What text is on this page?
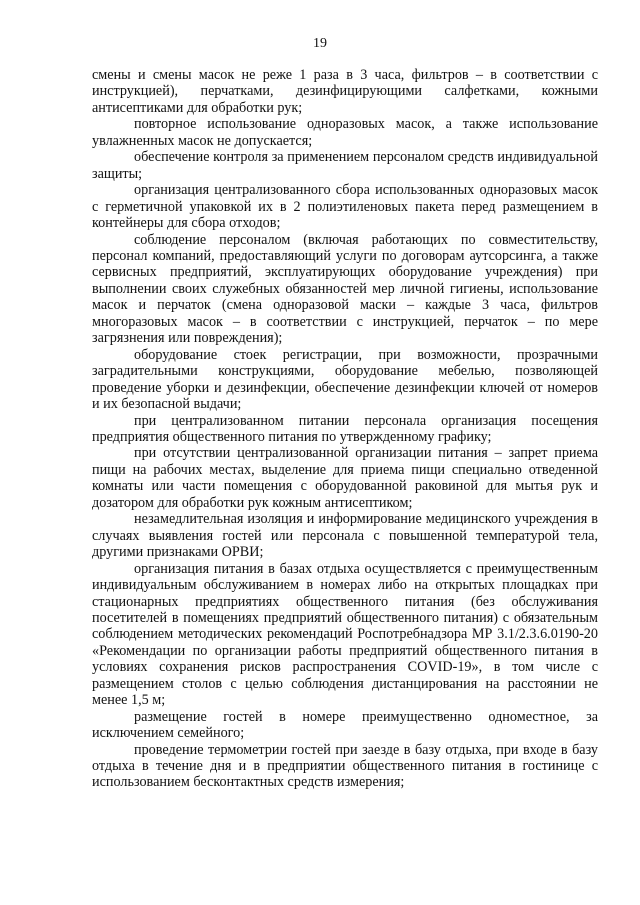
19

смены и смены масок не реже 1 раза в 3 часа, фильтров – в соответствии с инструкцией), перчатками, дезинфицирующими салфетками, кожными антисептиками для обработки рук;

повторное использование одноразовых масок, а также использование увлажненных масок не допускается;

обеспечение контроля за применением персоналом средств индивидуальной защиты;

организация централизованного сбора использованных одноразовых масок с герметичной упаковкой их в 2 полиэтиленовых пакета перед размещением в контейнеры для сбора отходов;

соблюдение персоналом (включая работающих по совместительству, персонал компаний, предоставляющий услуги по договорам аутсорсинга, а также сервисных предприятий, эксплуатирующих оборудование учреждения) при выполнении своих служебных обязанностей мер личной гигиены, использование масок и перчаток (смена одноразовой маски – каждые 3 часа, фильтров многоразовых масок – в соответствии с инструкцией, перчаток – по мере загрязнения или повреждения);

оборудование стоек регистрации, при возможности, прозрачными заградительными конструкциями, оборудование мебелью, позволяющей проведение уборки и дезинфекции, обеспечение дезинфекции ключей от номеров и их безопасной выдачи;

при централизованном питании персонала организация посещения предприятия общественного питания по утвержденному графику;

при отсутствии централизованной организации питания – запрет приема пищи на рабочих местах, выделение для приема пищи специально отведенной комнаты или части помещения с оборудованной раковиной для мытья рук и дозатором для обработки рук кожным антисептиком;

незамедлительная изоляция и информирование медицинского учреждения в случаях выявления гостей или персонала с повышенной температурой тела, другими признаками ОРВИ;

организация питания в базах отдыха осуществляется с преимущественным индивидуальным обслуживанием в номерах либо на открытых площадках при стационарных предприятиях общественного питания (без обслуживания посетителей в помещениях предприятий общественного питания) с обязательным соблюдением методических рекомендаций Роспотребнадзора МР 3.1/2.3.6.0190-20 «Рекомендации по организации работы предприятий общественного питания в условиях сохранения рисков распространения COVID-19», в том числе с размещением столов с целью соблюдения дистанцирования на расстоянии не менее 1,5 м;

размещение гостей в номере преимущественно одноместное, за исключением семейного;

проведение термометрии гостей при заезде в базу отдыха, при входе в базу отдыха в течение дня и в предприятии общественного питания в гостинице с использованием бесконтактных средств измерения;
